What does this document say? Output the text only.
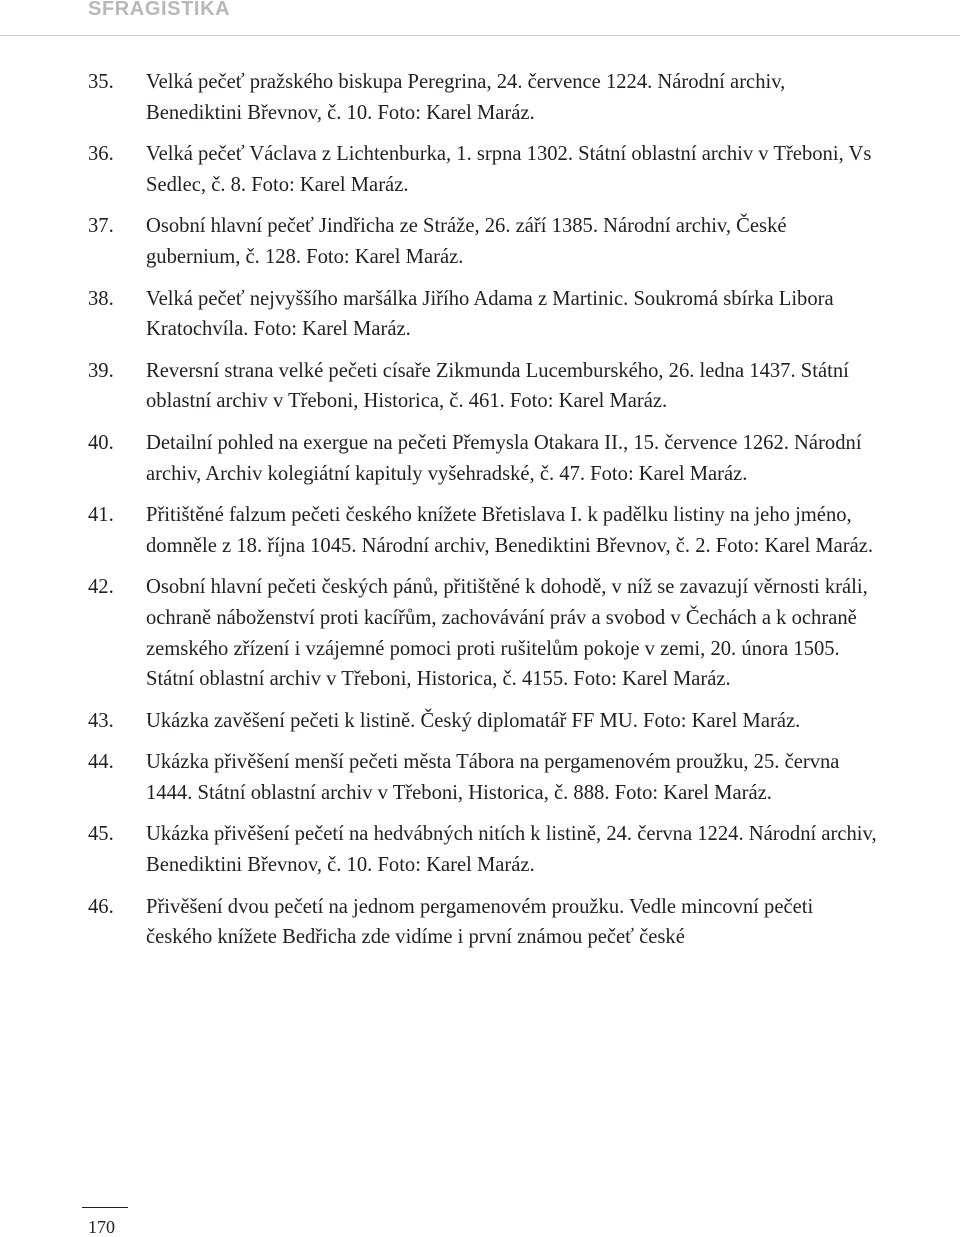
SFRAGISTIKA
35.	Velká pečeť pražského biskupa Peregrina, 24. července 1224. Národní archiv, Benediktini Břevnov, č. 10. Foto: Karel Maráz.
36.	Velká pečeť Václava z Lichtenburka, 1. srpna 1302. Státní oblastní archiv v Třeboni, Vs Sedlec, č. 8. Foto: Karel Maráz.
37.	Osobní hlavní pečeť Jindřicha ze Stráže, 26. září 1385. Národní archiv, České gubernium, č. 128. Foto: Karel Maráz.
38.	Velká pečeť nejvyššího maršálka Jiřího Adama z Martinic. Soukromá sbírka Libora Kratochvíla. Foto: Karel Maráz.
39.	Reversní strana velké pečeti císaře Zikmunda Lucemburského, 26. ledna 1437. Státní oblastní archiv v Třeboni, Historica, č. 461. Foto: Karel Maráz.
40.	Detailní pohled na exergue na pečeti Přemysla Otakara II., 15. července 1262. Národní archiv, Archiv kolegiátní kapituly vyšehradské, č. 47. Foto: Karel Maráz.
41.	Přitištěné falzum pečeti českého knížete Břetislava I. k padělku listiny na jeho jméno, domněle z 18. října 1045. Národní archiv, Benediktini Břevnov, č. 2. Foto: Karel Maráz.
42.	Osobní hlavní pečeti českých pánů, přitištěné k dohodě, v níž se zavazují věrnosti králi, ochraně náboženství proti kacířům, zachovávání práv a svobod v Čechách a k ochraně zemského zřízení i vzájemné pomoci proti rušitelům pokoje v zemi, 20. února 1505. Státní oblastní archiv v Třeboni, Historica, č. 4155. Foto: Karel Maráz.
43.	Ukázka zavěšení pečeti k listině. Český diplomatář FF MU. Foto: Karel Maráz.
44.	Ukázka přivěšení menší pečeti města Tábora na pergamenovém proužku, 25. června 1444. Státní oblastní archiv v Třeboni, Historica, č. 888. Foto: Karel Maráz.
45.	Ukázka přivěšení pečetí na hedvábných nitích k listině, 24. června 1224. Národní archiv, Benediktini Břevnov, č. 10. Foto: Karel Maráz.
46.	Přivěšení dvou pečetí na jednom pergamenovém proužku. Vedle mincovní pečeti českého knížete Bedřicha zde vidíme i první známou pečeť české
170
